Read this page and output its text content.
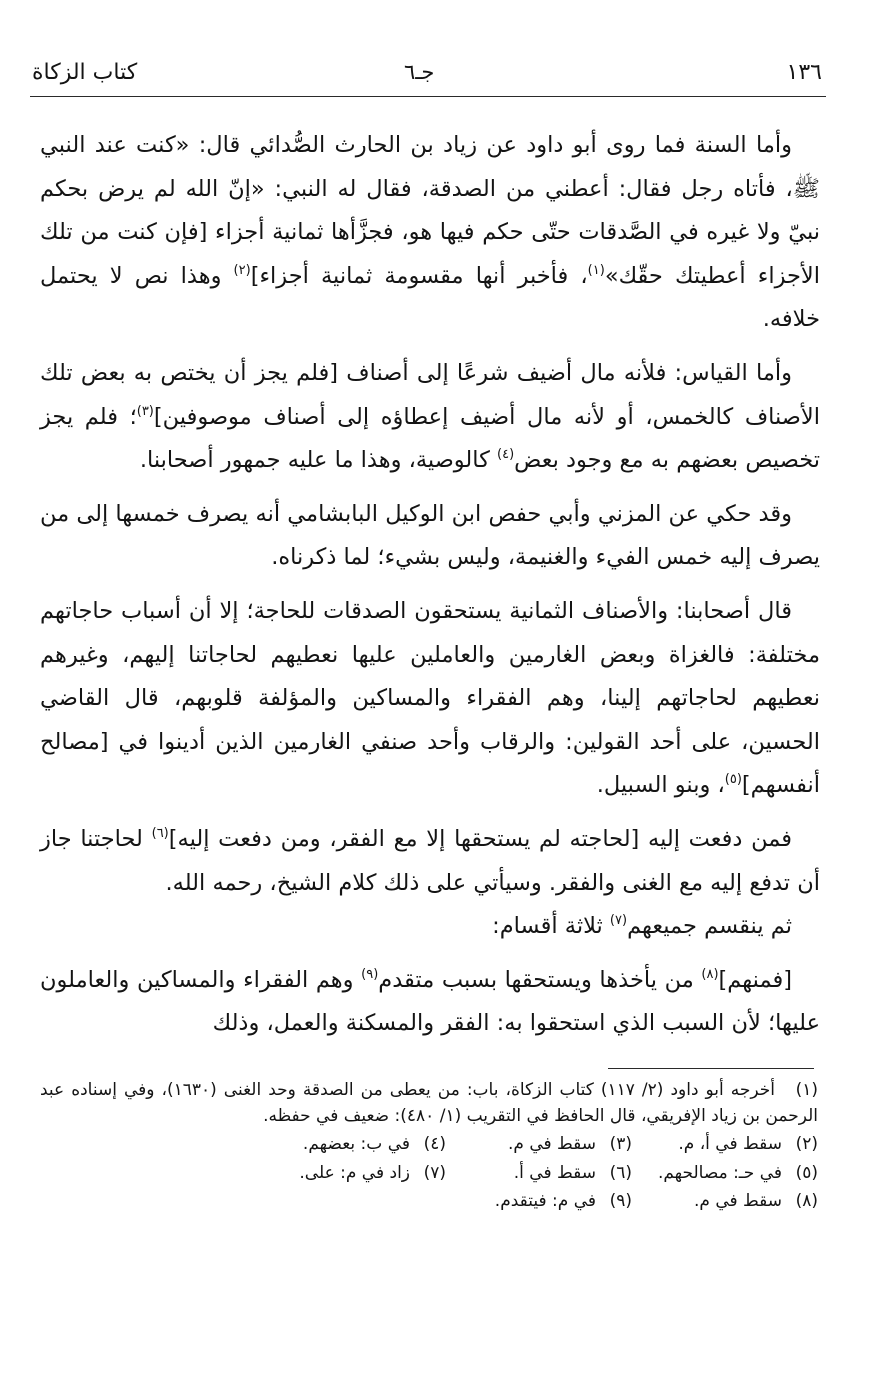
١٣٦
جـ٦
كتاب الزكاة

وأما السنة فما روى أبو داود عن زياد بن الحارث الصُّدائي قال: «كنت عند النبي ﷺ، فأتاه رجل فقال: أعطني من الصدقة، فقال له النبي: «إنّ الله لم يرض بحكم نبيّ ولا غيره في الصَّدقات حتّى حكم فيها هو، فجزَّأها ثمانية أجزاء [فإن كنت من تلك الأجزاء أعطيتك حقّك»$^{(١)}$، فأخبر أنها مقسومة ثمانية أجزاء]$^{(٢)}$ وهذا نص لا يحتمل خلافه.

وأما القياس: فلأنه مال أضيف شرعًا إلى أصناف [فلم يجز أن يختص به بعض تلك الأصناف كالخمس، أو لأنه مال أضيف إعطاؤه إلى أصناف موصوفين]$^{(٣)}$؛ فلم يجز تخصيص بعضهم به مع وجود بعض$^{(٤)}$ كالوصية، وهذا ما عليه جمهور أصحابنا.

وقد حكي عن المزني وأبي حفص ابن الوكيل البابشامي أنه يصرف خمسها إلى من يصرف إليه خمس الفيء والغنيمة، وليس بشيء؛ لما ذكرناه.

قال أصحابنا: والأصناف الثمانية يستحقون الصدقات للحاجة؛ إلا أن أسباب حاجاتهم مختلفة: فالغزاة وبعض الغارمين والعاملين عليها نعطيهم لحاجاتنا إليهم، وغيرهم نعطيهم لحاجاتهم إلينا، وهم الفقراء والمساكين والمؤلفة قلوبهم، قال القاضي الحسين، على أحد القولين: والرقاب وأحد صنفي الغارمين الذين أدينوا في [مصالح أنفسهم]$^{(٥)}$، وبنو السبيل.

فمن دفعت إليه [لحاجته لم يستحقها إلا مع الفقر، ومن دفعت إليه]$^{(٦)}$ لحاجتنا جاز أن تدفع إليه مع الغنى والفقر. وسيأتي على ذلك كلام الشيخ، رحمه الله.

ثم ينقسم جميعهم$^{(٧)}$ ثلاثة أقسام:

[فمنهم]$^{(٨)}$ من يأخذها ويستحقها بسبب متقدم$^{(٩)}$ وهم الفقراء والمساكين والعاملون عليها؛ لأن السبب الذي استحقوا به: الفقر والمسكنة والعمل، وذلك

(١) أخرجه أبو داود (٢/ ١١٧) كتاب الزكاة، باب: من يعطى من الصدقة وحد الغنى (١٦٣٠)، وفي إسناده عبد الرحمن بن زياد الإفريقي، قال الحافظ في التقريب (١/ ٤٨٠): ضعيف في حفظه.

(٢)سقط في أ، م.
(٣)سقط في م.
(٤)في ب: بعضهم.
(٥)في حـ: مصالحهم.
(٦)سقط في أ.
(٧)زاد في م: على.
(٨)سقط في م.
(٩)في م: فيتقدم.
